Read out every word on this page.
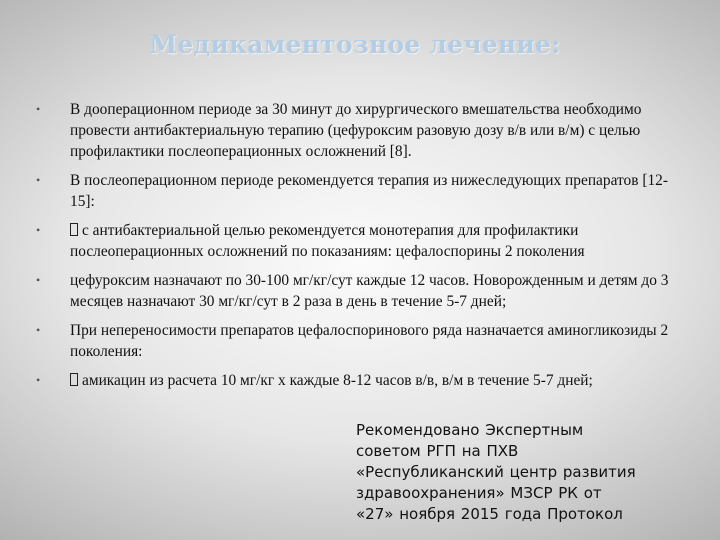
Медикаментозное лечение:
• В дооперационном периоде за 30 минут до хирургического вмешательства необходимо провести антибактериальную терапию (цефуроксим разовую дозу в/в или в/м) с целью профилактики послеоперационных осложнений [8].
• В послеоперационном периоде рекомендуется терапия из нижеследующих препаратов [12-15]:
•	с антибактериальной целью рекомендуется монотерапия для профилактики послеоперационных осложнений по показаниям: цефалоспорины 2 поколения
• цефуроксим назначают по 30-100 мг/кг/сут каждые 12 часов. Новорожденным и детям до 3 месяцев назначают 30 мг/кг/сут в 2 раза в день в течение 5-7 дней;
• При непереносимости препаратов цефалоспоринового ряда назначается аминогликозиды 2 поколения:
•	амикацин из расчета 10 мг/кг х каждые 8-12 часов в/в, в/м в течение 5-7 дней;
Рекомендовано Экспертным
советом РГП на ПХВ
«Республиканский центр развития
здравоохранения» МЗСР РК от
«27» ноября 2015 года Протокол
